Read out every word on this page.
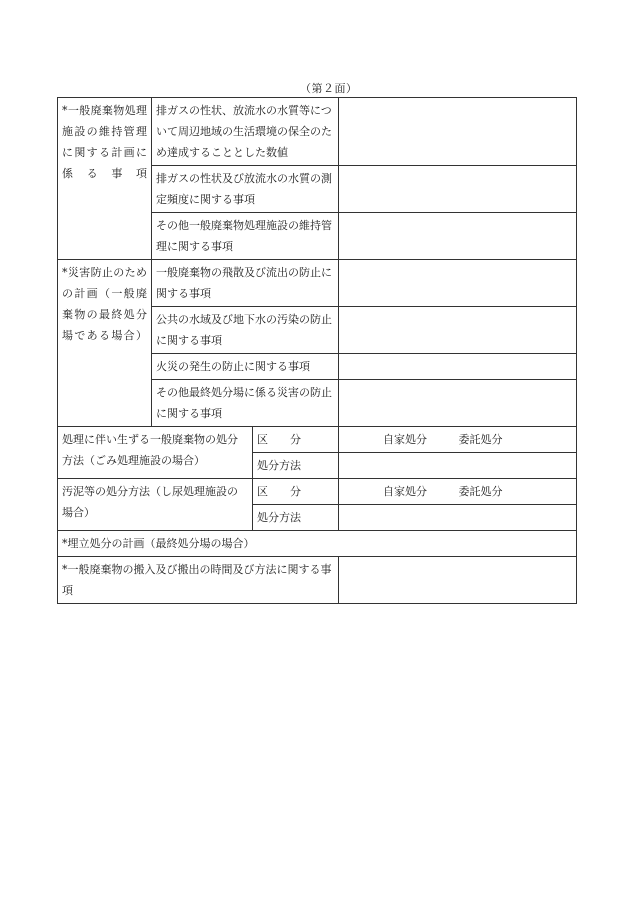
（第２面）
*一般廃棄物処理施設の維持管理に関する計画に係る事項	排ガスの性状、放流水の水質等について周辺地域の生活環境の保全のため達成することとした数値		
	排ガスの性状及び放流水の水質の測定頻度に関する事項		
	その他一般廃棄物処理施設の維持管理に関する事項		
*災害防止のための計画（一般廃棄物の最終処分場である場合）	一般廃棄物の飛散及び流出の防止に関する事項		
	公共の水域及び地下水の汚染の防止に関する事項		
	火災の発生の防止に関する事項		
	その他最終処分場に係る災害の防止に関する事項		
処理に伴い生ずる一般廃棄物の処分方法（ごみ処理施設の場合）		区　　分	自家処分 委託処分
		処分方法	
汚泥等の処分方法（し尿処理施設の場合）		区　　分	自家処分 委託処分
		処分方法	
*埋立処分の計画（最終処分場の場合）			
*一般廃棄物の搬入及び搬出の時間及び方法に関する事項			
